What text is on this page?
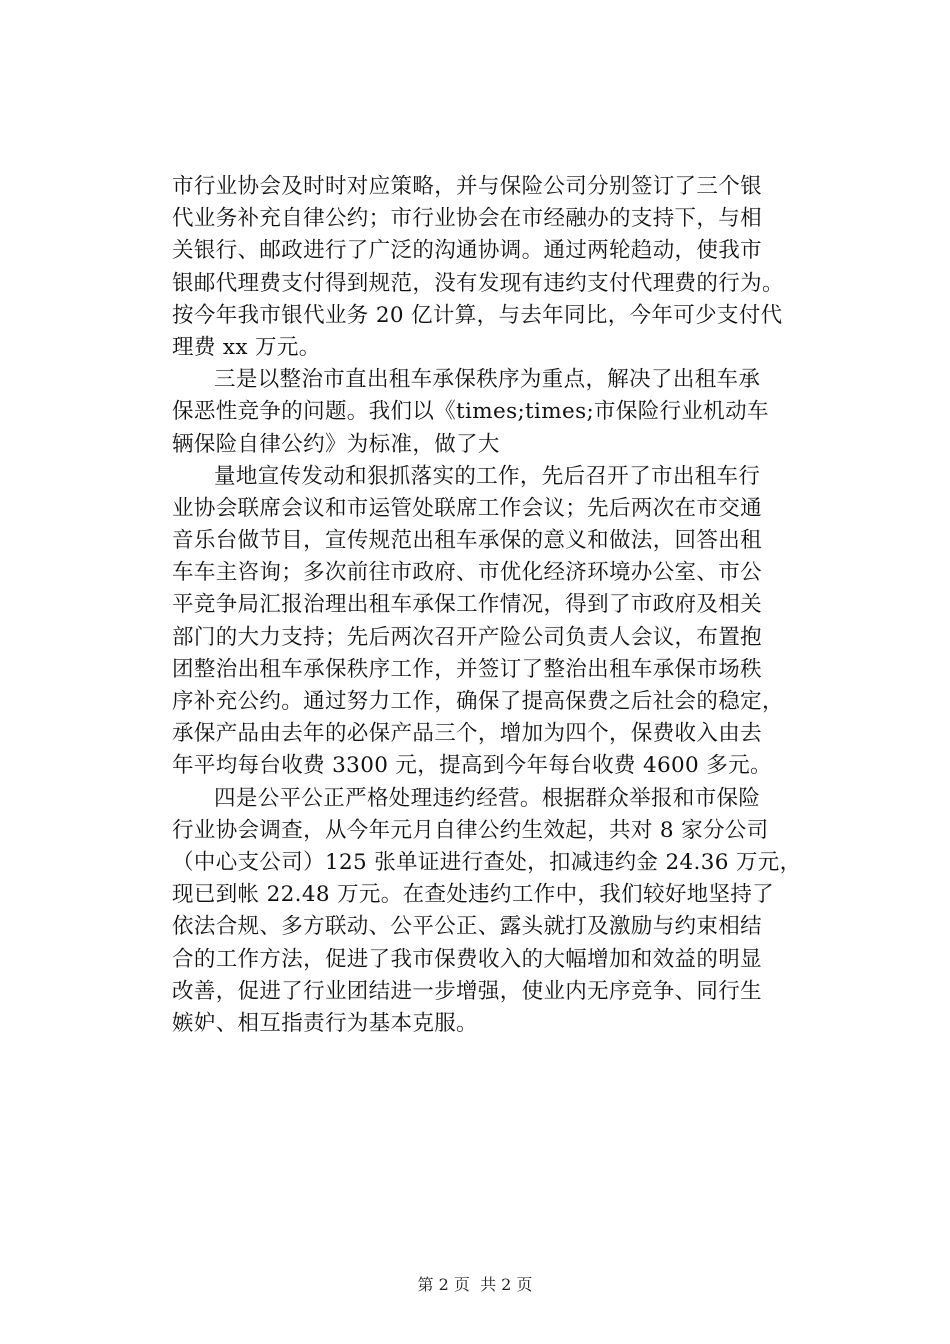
市行业协会及时时对应策略，并与保险公司分别签订了三个银
代业务补充自律公约；市行业协会在市经融办的支持下，与相
关银行、邮政进行了广泛的沟通协调。通过两轮趋动，使我市
银邮代理费支付得到规范，没有发现有违约支付代理费的行为。
按今年我市银代业务 20 亿计算，与去年同比，今年可少支付代
理费 xx 万元。
三是以整治市直出租车承保秩序为重点，解决了出租车承
保恶性竞争的问题。我们以《times;times;市保险行业机动车
辆保险自律公约》为标准，做了大
量地宣传发动和狠抓落实的工作，先后召开了市出租车行
业协会联席会议和市运管处联席工作会议；先后两次在市交通
音乐台做节目，宣传规范出租车承保的意义和做法，回答出租
车车主咨询；多次前往市政府、市优化经济环境办公室、市公
平竞争局汇报治理出租车承保工作情况，得到了市政府及相关
部门的大力支持；先后两次召开产险公司负责人会议，布置抱
团整治出租车承保秩序工作，并签订了整治出租车承保市场秩
序补充公约。通过努力工作，确保了提高保费之后社会的稳定，
承保产品由去年的必保产品三个，增加为四个，保费收入由去
年平均每台收费 3300 元，提高到今年每台收费 4600 多元。
四是公平公正严格处理违约经营。根据群众举报和市保险
行业协会调查，从今年元月自律公约生效起，共对 8 家分公司
（中心支公司）125 张单证进行查处，扣减违约金 24.36 万元，
现已到帐 22.48 万元。在查处违约工作中，我们较好地坚持了
依法合规、多方联动、公平公正、露头就打及激励与约束相结
合的工作方法，促进了我市保费收入的大幅增加和效益的明显
改善，促进了行业团结进一步增强，使业内无序竞争、同行生
嫉妒、相互指责行为基本克服。
第 2 页  共 2 页
